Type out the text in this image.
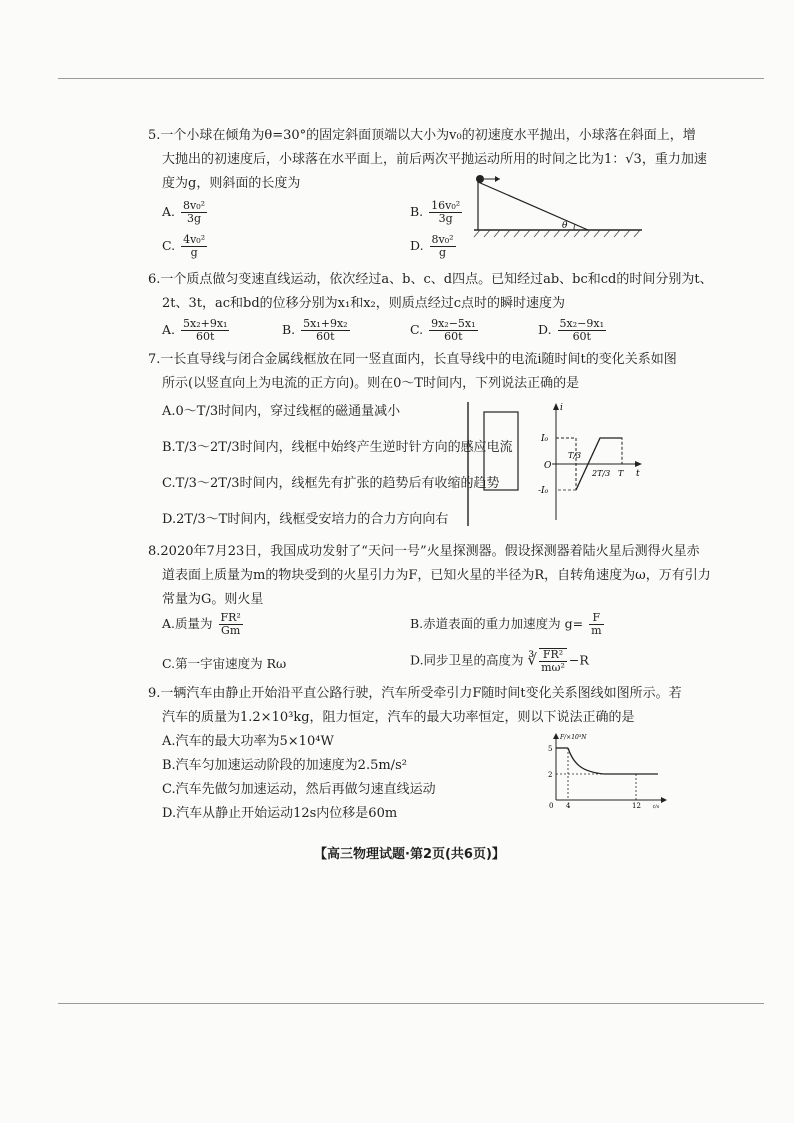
5.一个小球在倾角为θ=30°的固定斜面顶端以大小为v₀的初速度水平抛出，小球落在斜面上，增
大抛出的初速度后，小球落在水平面上，前后两次平抛运动所用的时间之比为1：√3，重力加速
度为g，则斜面的长度为
A. $\frac{\text{8v₀²}}{3g}$	B. $\frac{\text{16v₀²}}{3g}$
C. $\frac{\text{4v₀²}}{g}$	D. $\frac{\text{8v₀²}}{g}$
θ
6.一个质点做匀变速直线运动，依次经过a、b、c、d四点。已知经过ab、bc和cd的时间分别为t、
2t、3t，ac和bd的位移分别为x₁和x₂，则质点经过c点时的瞬时速度为
A. $\frac{\text{5x₂+9x₁}}{60t}$	B. $\frac{\text{5x₁+9x₂}}{60t}$	C. $\frac{\text{9x₂−5x₁}}{60t}$	D. $\frac{\text{5x₂−9x₁}}{60t}$
7.一长直导线与闭合金属线框放在同一竖直面内，长直导线中的电流i随时间t的变化关系如图
所示(以竖直向上为电流的正方向)。则在0～T时间内，下列说法正确的是
A.0～T/3时间内，穿过线框的磁通量减小
B.T/3～2T/3时间内，线框中始终产生逆时针方向的感应电流
C.T/3～2T/3时间内，线框先有扩张的趋势后有收缩的趋势
D.2T/3～T时间内，线框受安培力的合力方向向右
i
I₀
O
-I₀
T/3
2T/3 T t
8.2020年7月23日，我国成功发射了“天问一号”火星探测器。假设探测器着陆火星后测得火星赤
道表面上质量为m的物块受到的火星引力为F，已知火星的半径为R，自转角速度为ω，万有引力
常量为G。则火星
A.质量为 $\frac{\text{FR²}}{Gm}$	B.赤道表面的重力加速度为 $g= \frac{F}{m}$
C.第一宇宙速度为 Rω	D.同步卫星的高度为 ∛ $\frac{\text{FR²}}{\text{mω²}} -R$
9.一辆汽车由静止开始沿平直公路行驶，汽车所受牵引力F随时间t变化关系图线如图所示。若
汽车的质量为1.2×10³kg，阻力恒定，汽车的最大功率恒定，则以下说法正确的是
A.汽车的最大功率为5×10⁴W
B.汽车匀加速运动阶段的加速度为2.5m/s²
C.汽车先做匀加速运动，然后再做匀速直线运动
D.汽车从静止开始运动12s内位移是60m
F/×10³N
5
2
0 4	12 t/s
【高三物理试题·第2页(共6页)】
